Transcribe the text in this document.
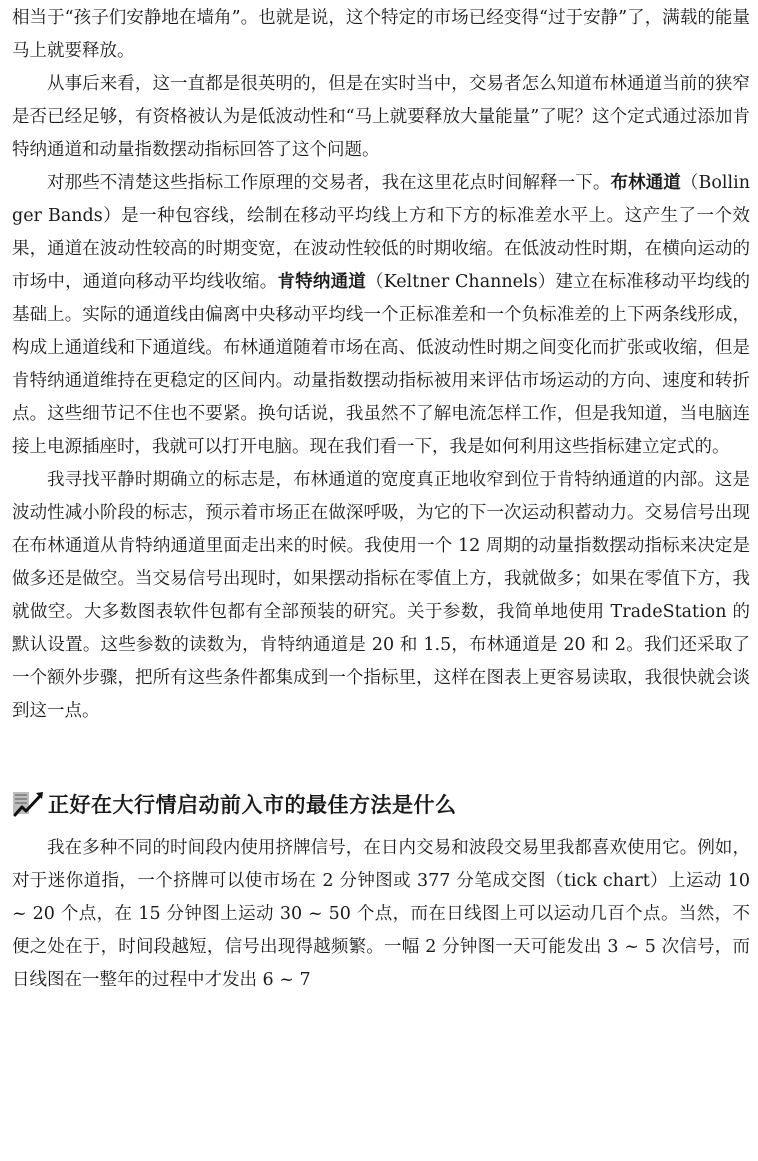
相当于“孩子们安静地在墙角”。也就是说，这个特定的市场已经变得“过于安静”了，满载的能量马上就要释放。

从事后来看，这一直都是很英明的，但是在实时当中，交易者怎么知道布林通道当前的狭窄是否已经足够，有资格被认为是低波动性和“马上就要释放大量能量”了呢？这个定式通过添加肯特纳通道和动量指数摆动指标回答了这个问题。

对那些不清楚这些指标工作原理的交易者，我在这里花点时间解释一下。布林通道（Bollinger Bands）是一种包容线，绘制在移动平均线上方和下方的标准差水平上。这产生了一个效果，通道在波动性较高的时期变宽，在波动性较低的时期收缩。在低波动性时期，在横向运动的市场中，通道向移动平均线收缩。肯特纳通道（Keltner Channels）建立在标准移动平均线的基础上。实际的通道线由偏离中央移动平均线一个正标准差和一个负标准差的上下两条线形成，构成上通道线和下通道线。布林通道随着市场在高、低波动性时期之间变化而扩张或收缩，但是肯特纳通道维持在更稳定的区间内。动量指数摆动指标被用来评估市场运动的方向、速度和转折点。这些细节记不住也不要紧。换句话说，我虽然不了解电流怎样工作，但是我知道，当电脑连接上电源插座时，我就可以打开电脑。现在我们看一下，我是如何利用这些指标建立定式的。

我寻找平静时期确立的标志是，布林通道的宽度真正地收窄到位于肯特纳通道的内部。这是波动性减小阶段的标志，预示着市场正在做深呼吸，为它的下一次运动积蓄动力。交易信号出现在布林通道从肯特纳通道里面走出来的时候。我使用一个 12 周期的动量指数摆动指标来决定是做多还是做空。当交易信号出现时，如果摆动指标在零值上方，我就做多；如果在零值下方，我就做空。大多数图表软件包都有全部预装的研究。关于参数，我简单地使用 TradeStation 的默认设置。这些参数的读数为，肯特纳通道是 20 和 1.5，布林通道是 20 和 2。我们还采取了一个额外步骤，把所有这些条件都集成到一个指标里，这样在图表上更容易读取，我很快就会谈到这一点。

正好在大行情启动前入市的最佳方法是什么

我在多种不同的时间段内使用挤牌信号，在日内交易和波段交易里我都喜欢使用它。例如，对于迷你道指，一个挤牌可以使市场在 2 分钟图或 377 分笔成交图（tick chart）上运动 10 ~ 20 个点，在 15 分钟图上运动 30 ~ 50 个点，而在日线图上可以运动几百个点。当然，不便之处在于，时间段越短，信号出现得越频繁。一幅 2 分钟图一天可能发出 3 ~ 5 次信号，而日线图在一整年的过程中才发出 6 ~ 7
